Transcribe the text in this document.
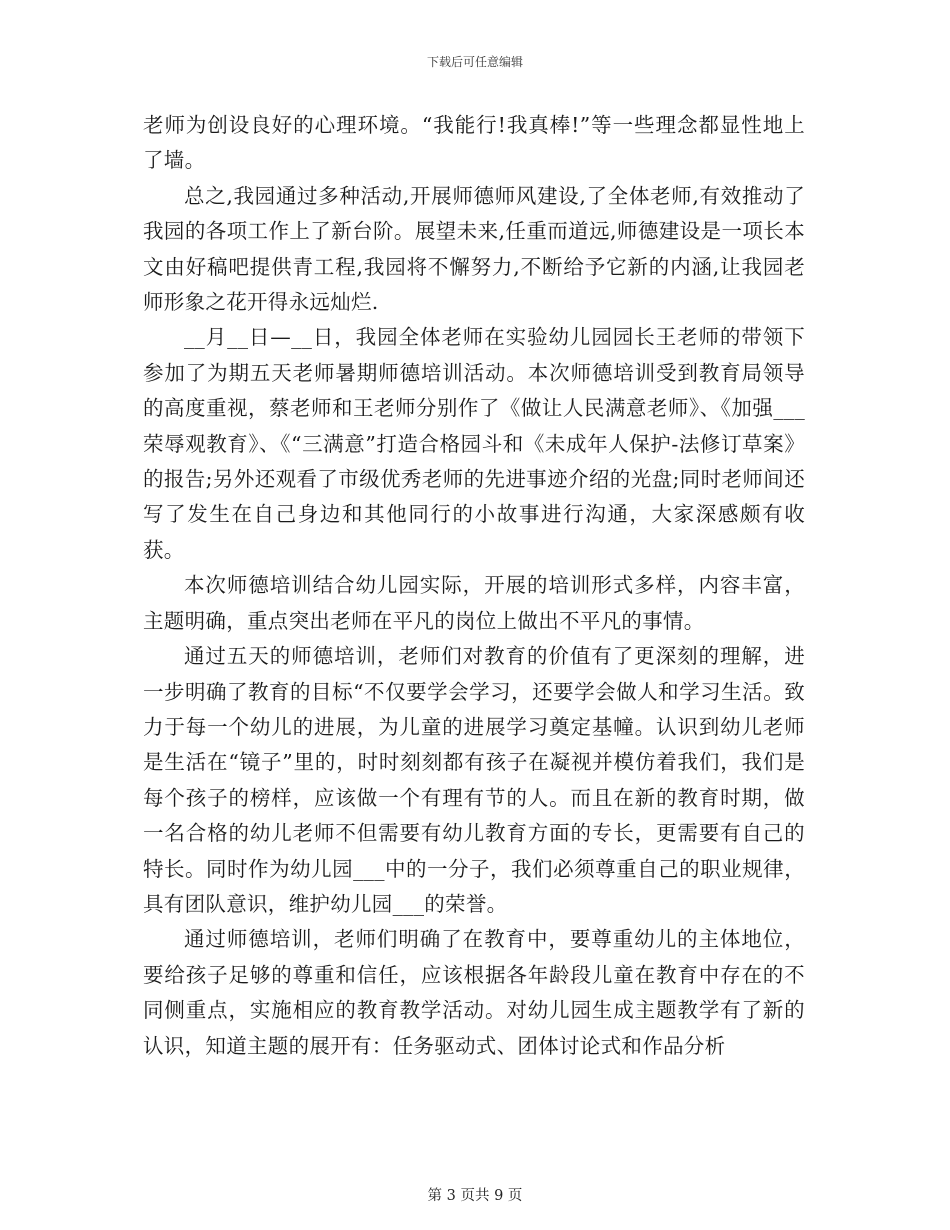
下载后可任意编辑

老师为创设良好的心理环境。“我能行!我真棒!”等一些理念都显性地上了墙。

总之,我园通过多种活动,开展师德师风建设,了全体老师,有效推动了我园的各项工作上了新台阶。展望未来,任重而道远,师德建设是一项长本文由好稿吧提供青工程,我园将不懈努力,不断给予它新的内涵,让我园老师形象之花开得永远灿烂.

__月__日—__日，我园全体老师在实验幼儿园园长王老师的带领下参加了为期五天老师暑期师德培训活动。本次师德培训受到教育局领导的高度重视，蔡老师和王老师分别作了《做让人民满意老师》、《加强___荣辱观教育》、《“三满意”打造合格园斗和《未成年人保护-法修订草案》的报告;另外还观看了市级优秀老师的先进事迹介绍的光盘;同时老师间还写了发生在自己身边和其他同行的小故事进行沟通，大家深感颇有收获。

本次师德培训结合幼儿园实际，开展的培训形式多样，内容丰富，主题明确，重点突出老师在平凡的岗位上做出不平凡的事情。

通过五天的师德培训，老师们对教育的价值有了更深刻的理解，进一步明确了教育的目标“不仅要学会学习，还要学会做人和学习生活。致力于每一个幼儿的进展，为儿童的进展学习奠定基幢。认识到幼儿老师是生活在“镜子”里的，时时刻刻都有孩子在凝视并模仿着我们，我们是每个孩子的榜样，应该做一个有理有节的人。而且在新的教育时期，做一名合格的幼儿老师不但需要有幼儿教育方面的专长，更需要有自己的特长。同时作为幼儿园___中的一分子，我们必须尊重自己的职业规律，具有团队意识，维护幼儿园___的荣誉。

通过师德培训，老师们明确了在教育中，要尊重幼儿的主体地位，要给孩子足够的尊重和信任，应该根据各年龄段儿童在教育中存在的不同侧重点，实施相应的教育教学活动。对幼儿园生成主题教学有了新的认识，知道主题的展开有：任务驱动式、团体讨论式和作品分析

第 3 页共 9 页
